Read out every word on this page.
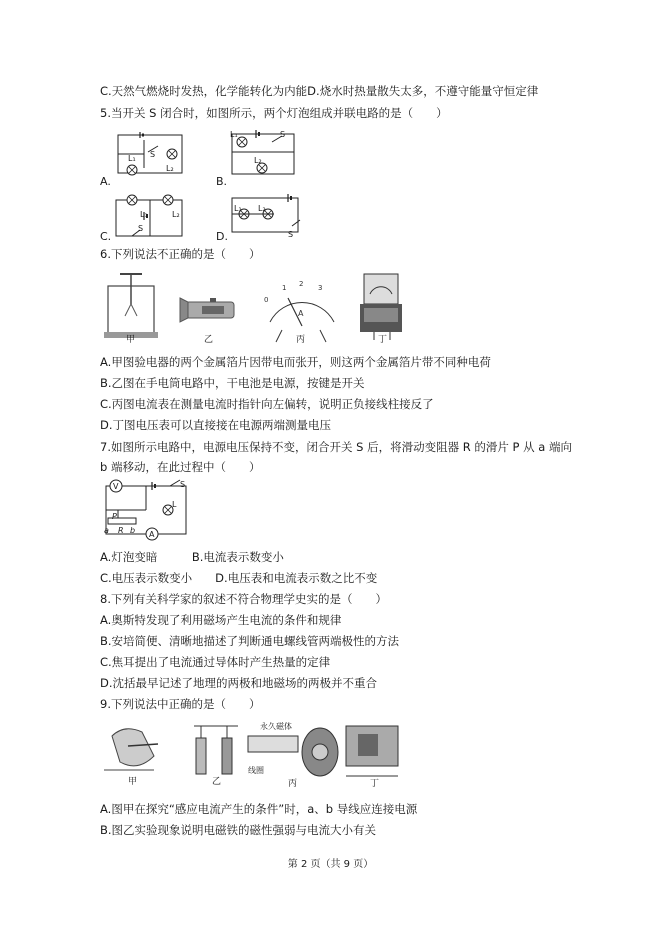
C.天然气燃烧时发热，化学能转化为内能D.烧水时热量散失太多，不遵守能量守恒定律
5.当开关 S 闭合时，如图所示，两个灯泡组成并联电路的是（　　）
A.
L₁ S
L₂
B.
L₁
L₂
S
C.
L₁	L₂
S
D.
L₁ L₂
S
6.下列说法不正确的是（　　）
0
1 2 3
A
甲	乙	丙	丁
A.甲图验电器的两个金属箔片因带电而张开，则这两个金属箔片带不同种电荷
B.乙图在手电筒电路中，干电池是电源，按键是开关
C.丙图电流表在测量电流时指针向左偏转，说明正负接线柱接反了
D.丁图电压表可以直接接在电源两端测量电压
7.如图所示电路中，电源电压保持不变，闭合开关 S 后，将滑动变阻器 R 的滑片 P 从 a 端向
b 端移动，在此过程中（　　）
V
A
S
L
P
R
a	b
A.灯泡变暗　　　B.电流表示数变小
C.电压表示数变小　　D.电压表和电流表示数之比不变
8.下列有关科学家的叙述不符合物理学史实的是（　　）
A.奥斯特发现了利用磁场产生电流的条件和规律
B.安培简便、清晰地描述了判断通电螺线管两端极性的方法
C.焦耳提出了电流通过导体时产生热量的定律
D.沈括最早记述了地理的两极和地磁场的两极并不重合
9.下列说法中正确的是（　　）
甲	乙	丙	丁
永久磁体
线圈
A.图甲在探究“感应电流产生的条件”时，a、b 导线应连接电源
B.图乙实验现象说明电磁铁的磁性强弱与电流大小有关
第 2 页（共 9 页）
